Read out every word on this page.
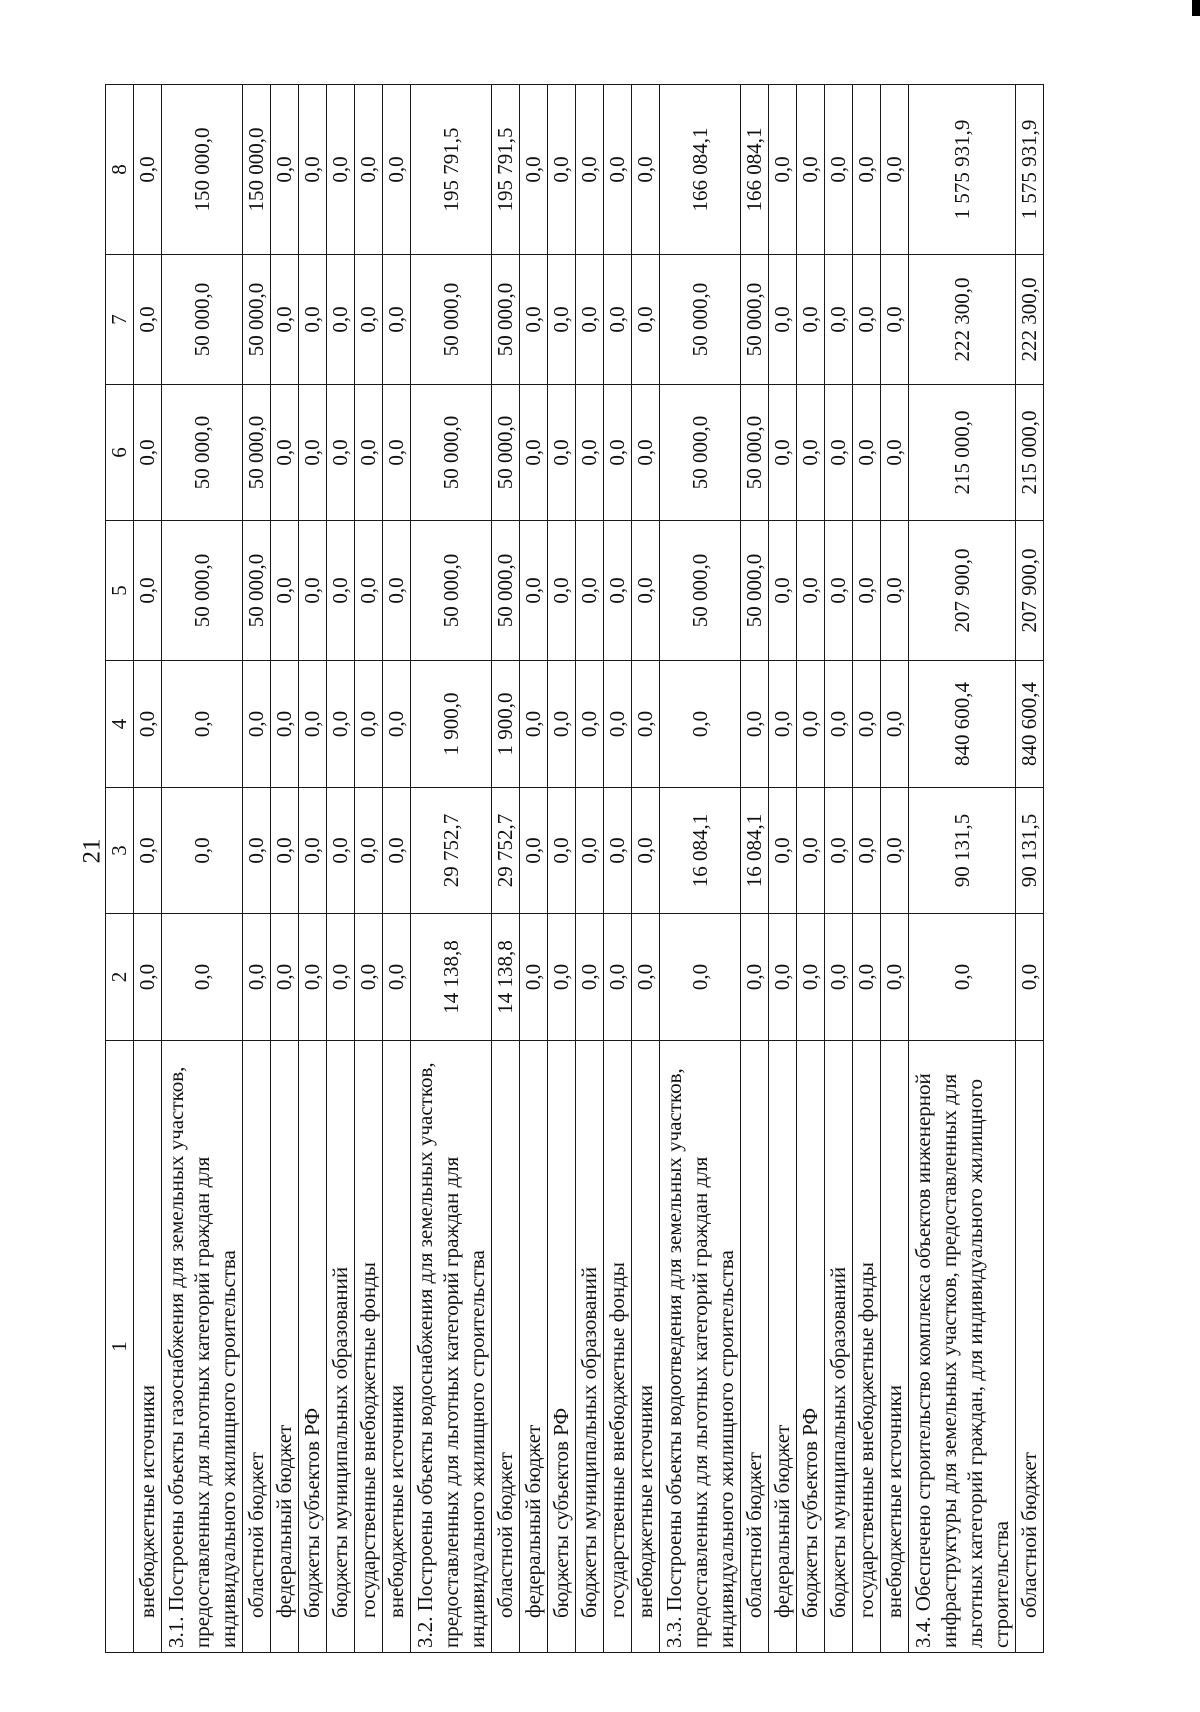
21
1	2	3	4	5	6	7	8
внебюджетные источники	0,0	0,0	0,0	0,0	0,0	0,0	0,0
3.1. Построены объекты газоснабжения для земельных участков, предоставленных для льготных категорий граждан для индивидуального жилищного строительства	0,0	0,0	0,0	50 000,0	50 000,0	50 000,0	150 000,0
областной бюджет	0,0	0,0	0,0	50 000,0	50 000,0	50 000,0	150 000,0
федеральный бюджет	0,0	0,0	0,0	0,0	0,0	0,0	0,0
бюджеты субъектов РФ	0,0	0,0	0,0	0,0	0,0	0,0	0,0
бюджеты муниципальных образований	0,0	0,0	0,0	0,0	0,0	0,0	0,0
государственные внебюджетные фонды	0,0	0,0	0,0	0,0	0,0	0,0	0,0
внебюджетные источники	0,0	0,0	0,0	0,0	0,0	0,0	0,0
3.2. Построены объекты водоснабжения для земельных участков, предоставленных для льготных категорий граждан для индивидуального жилищного строительства	14 138,8	29 752,7	1 900,0	50 000,0	50 000,0	50 000,0	195 791,5
областной бюджет	14 138,8	29 752,7	1 900,0	50 000,0	50 000,0	50 000,0	195 791,5
федеральный бюджет	0,0	0,0	0,0	0,0	0,0	0,0	0,0
бюджеты субъектов РФ	0,0	0,0	0,0	0,0	0,0	0,0	0,0
бюджеты муниципальных образований	0,0	0,0	0,0	0,0	0,0	0,0	0,0
государственные внебюджетные фонды	0,0	0,0	0,0	0,0	0,0	0,0	0,0
внебюджетные источники	0,0	0,0	0,0	0,0	0,0	0,0	0,0
3.3. Построены объекты водоотведения для земельных участков, предоставленных для льготных категорий граждан для индивидуального жилищного строительства	0,0	16 084,1	0,0	50 000,0	50 000,0	50 000,0	166 084,1
областной бюджет	0,0	16 084,1	0,0	50 000,0	50 000,0	50 000,0	166 084,1
федеральный бюджет	0,0	0,0	0,0	0,0	0,0	0,0	0,0
бюджеты субъектов РФ	0,0	0,0	0,0	0,0	0,0	0,0	0,0
бюджеты муниципальных образований	0,0	0,0	0,0	0,0	0,0	0,0	0,0
государственные внебюджетные фонды	0,0	0,0	0,0	0,0	0,0	0,0	0,0
внебюджетные источники	0,0	0,0	0,0	0,0	0,0	0,0	0,0
3.4. Обеспечено строительство комплекса объектов инженерной инфраструктуры для земельных участков, предоставленных для льготных категорий граждан, для индивидуального жилищного строительства	0,0	90 131,5	840 600,4	207 900,0	215 000,0	222 300,0	1 575 931,9
областной бюджет	0,0	90 131,5	840 600,4	207 900,0	215 000,0	222 300,0	1 575 931,9
